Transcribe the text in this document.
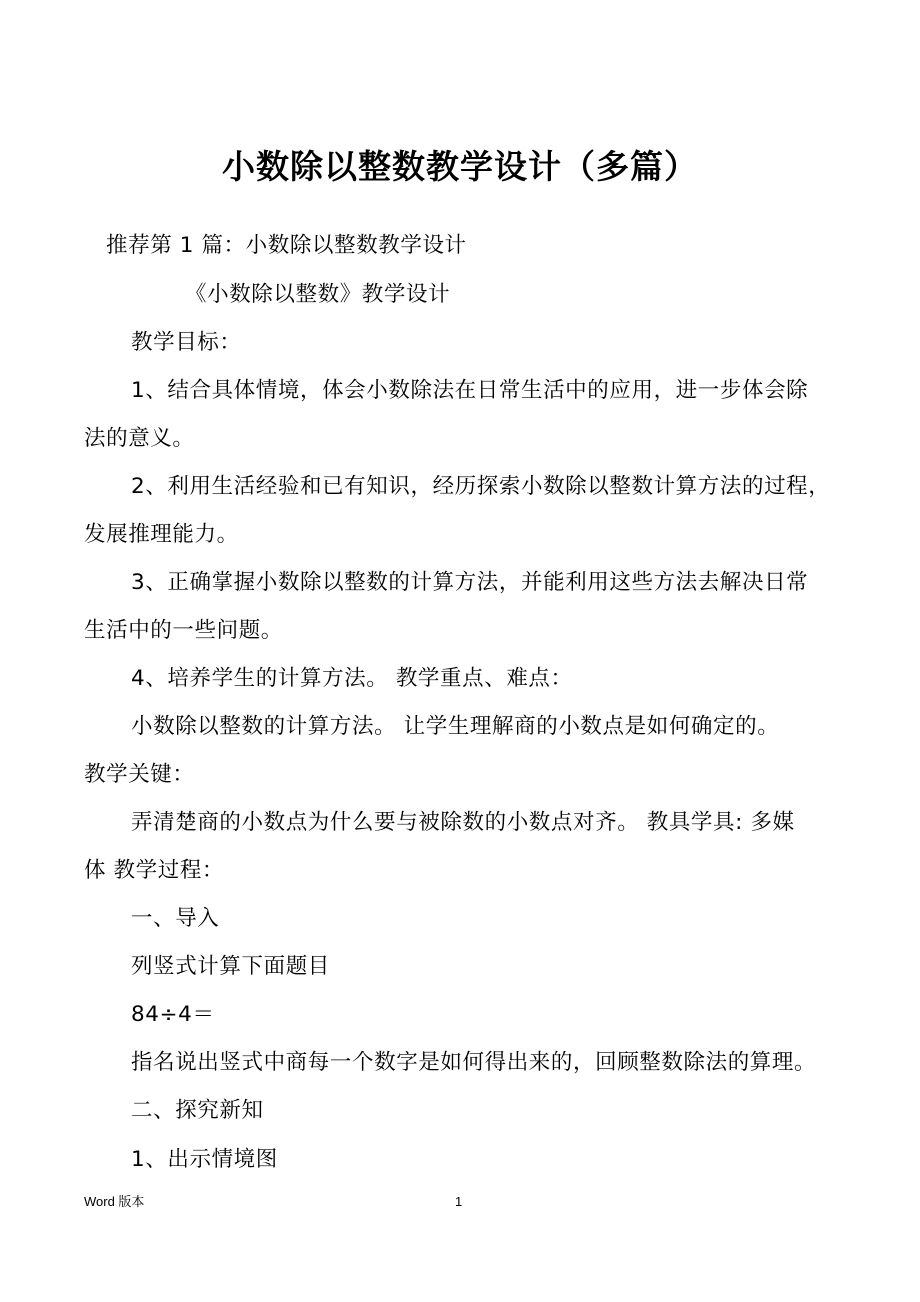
小数除以整数教学设计（多篇）
推荐第 1 篇：小数除以整数教学设计
《小数除以整数》教学设计
教学目标：
1、结合具体情境，体会小数除法在日常生活中的应用，进一步体会除
法的意义。
2、利用生活经验和已有知识，经历探索小数除以整数计算方法的过程，
发展推理能力。
3、正确掌握小数除以整数的计算方法，并能利用这些方法去解决日常
生活中的一些问题。
4、培养学生的计算方法。 教学重点、难点：
小数除以整数的计算方法。 让学生理解商的小数点是如何确定的。
教学关键：
弄清楚商的小数点为什么要与被除数的小数点对齐。 教具学具: 多媒
体 教学过程：
一、导入
列竖式计算下面题目
84÷4＝
指名说出竖式中商每一个数字是如何得出来的，回顾整数除法的算理。
二、探究新知
1、出示情境图
Word 版本	1
